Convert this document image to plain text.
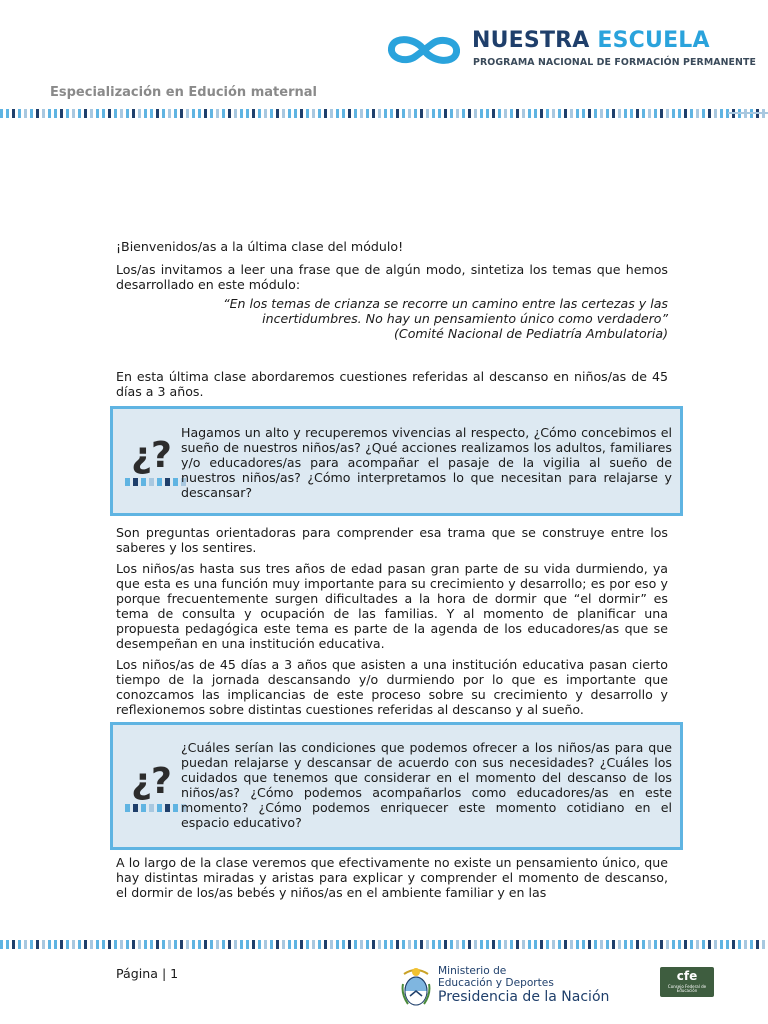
NUESTRA ESCUELA
PROGRAMA NACIONAL DE FORMACIÓN PERMANENTE
Especialización en Edución maternal

¡Bienvenidos/as a la última clase del módulo!

Los/as invitamos a leer una frase que de algún modo, sintetiza los temas que hemos desarrollado en este módulo:

“En los temas de crianza se recorre un camino entre las certezas y las

incertidumbres. No hay un pensamiento único como verdadero”

(Comité Nacional de Pediatría Ambulatoria)

En esta última clase abordaremos cuestiones referidas al descanso en niños/as de 45 días a 3 años.

¿?
Hagamos un alto y recuperemos vivencias al respecto, ¿Cómo concebimos el sueño de nuestros niños/as? ¿Qué acciones realizamos los adultos, familiares y/o educadores/as para acompañar el pasaje de la vigilia al sueño de nuestros niños/as? ¿Cómo interpretamos lo que necesitan para relajarse y descansar?

Son preguntas orientadoras para comprender esa trama que se construye entre los saberes y los sentires.

Los niños/as hasta sus tres años de edad pasan gran parte de su vida durmiendo, ya que esta es una función muy importante para su crecimiento y desarrollo; es por eso y porque frecuentemente surgen dificultades a la hora de dormir que “el dormir” es tema de consulta y ocupación de las familias. Y al momento de planificar una propuesta pedagógica este tema es parte de la agenda de los educadores/as que se desempeñan en una institución educativa.

Los niños/as de 45 días a 3 años que asisten a una institución educativa pasan cierto tiempo de la jornada descansando y/o durmiendo por lo que es importante que conozcamos las implicancias de este proceso sobre su crecimiento y desarrollo y reflexionemos sobre distintas cuestiones referidas al descanso y al sueño.

¿?
¿Cuáles serían las condiciones que podemos ofrecer a los niños/as para que puedan relajarse y descansar de acuerdo con sus necesidades? ¿Cuáles los cuidados que tenemos que considerar en el momento del descanso de los niños/as? ¿Cómo podemos acompañarlos como educadores/as en este momento? ¿Cómo podemos enriquecer este momento cotidiano en el espacio educativo?

A lo largo de la clase veremos que efectivamente no existe un pensamiento único, que hay distintas miradas y aristas para explicar y comprender el momento de descanso, el dormir de los/as bebés y niños/as en el ambiente familiar y en las

Página | 1	Ministerio de
Educación y Deportes
Presidencia de la Nación
cfe
Consejo Federal de Educación
